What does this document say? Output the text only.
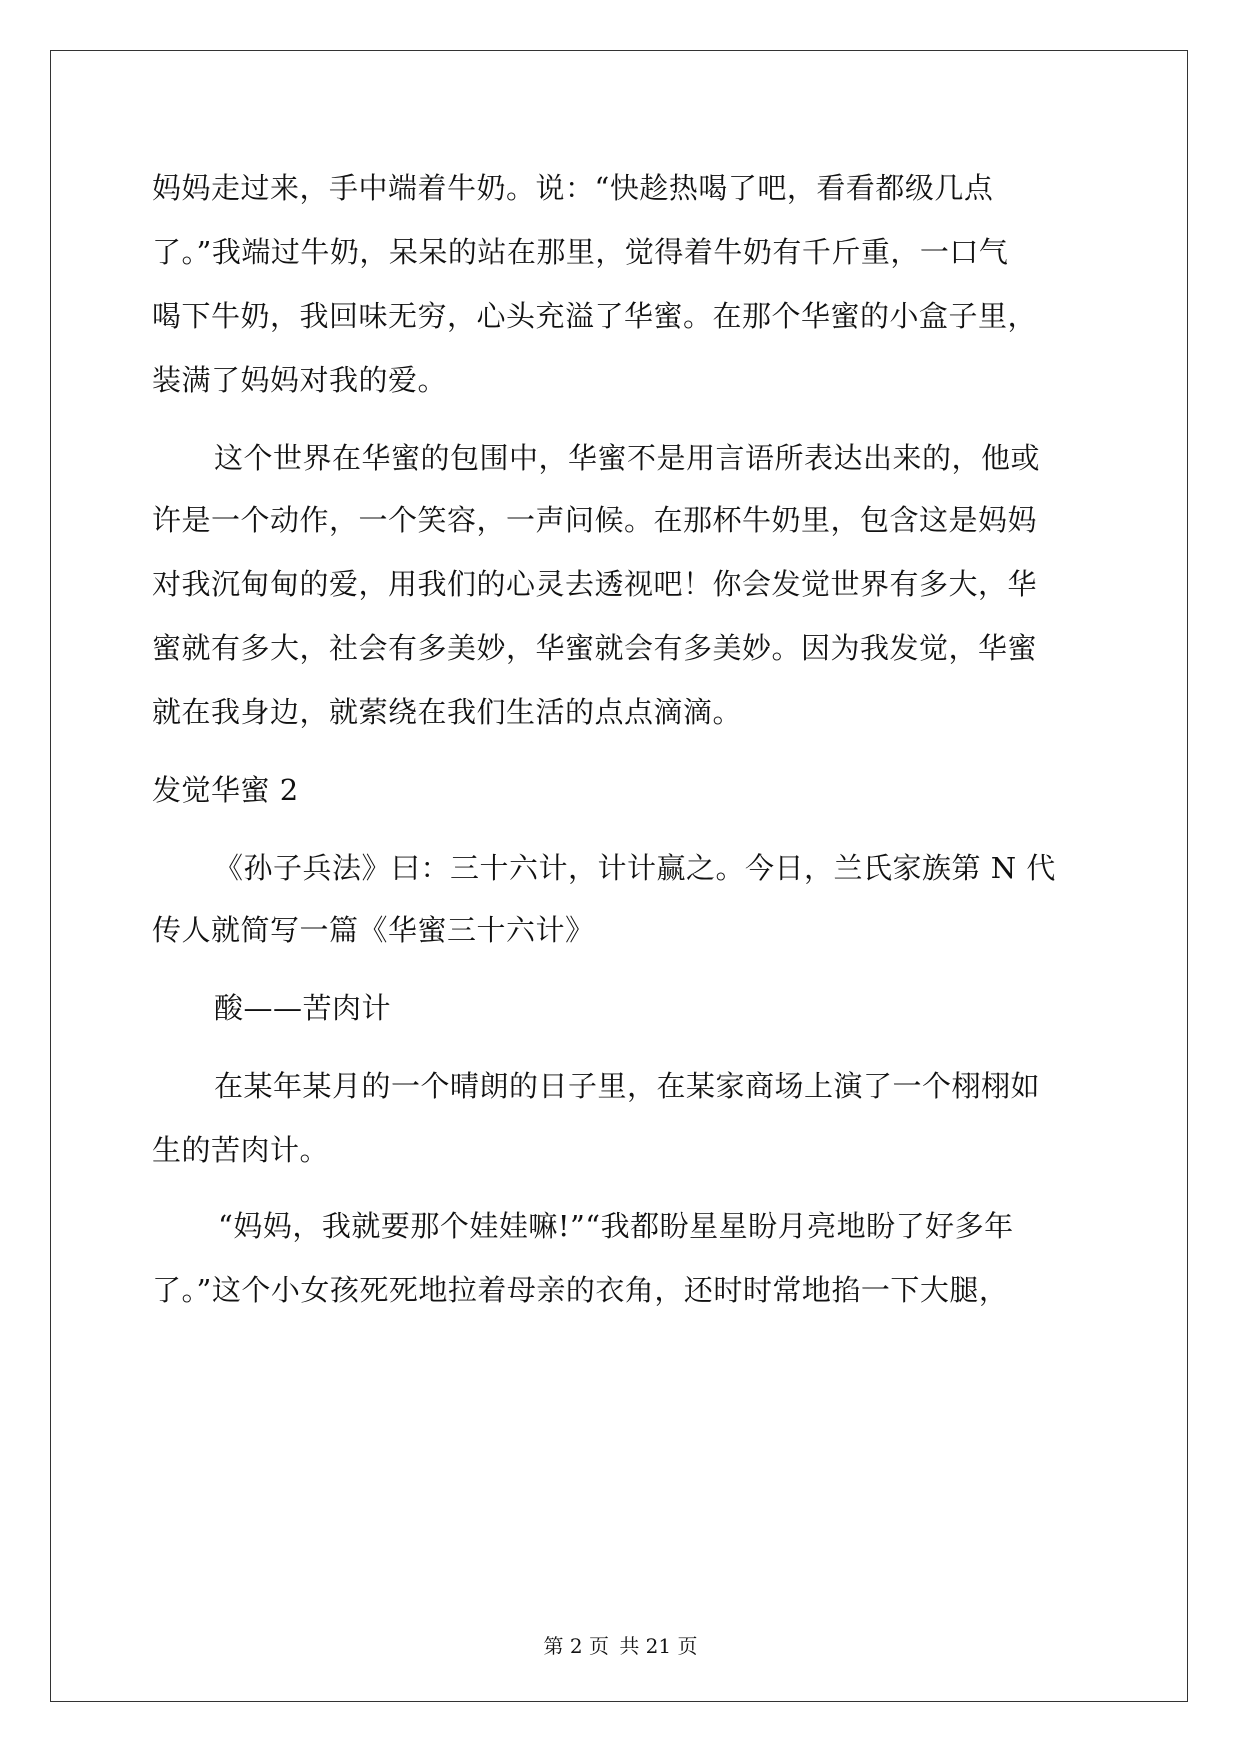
妈妈走过来，手中端着牛奶。说：“快趁热喝了吧，看看都级几点
了。”我端过牛奶，呆呆的站在那里，觉得着牛奶有千斤重，一口气
喝下牛奶，我回味无穷，心头充溢了华蜜。在那个华蜜的小盒子里，
装满了妈妈对我的爱。
这个世界在华蜜的包围中，华蜜不是用言语所表达出来的，他或
许是一个动作，一个笑容，一声问候。在那杯牛奶里，包含这是妈妈
对我沉甸甸的爱，用我们的心灵去透视吧！你会发觉世界有多大，华
蜜就有多大，社会有多美妙，华蜜就会有多美妙。因为我发觉，华蜜
就在我身边，就萦绕在我们生活的点点滴滴。
发觉华蜜 2
《孙子兵法》曰：三十六计，计计赢之。今日，兰氏家族第 N 代
传人就简写一篇《华蜜三十六计》
酸——苦肉计
在某年某月的一个晴朗的日子里，在某家商场上演了一个栩栩如
生的苦肉计。
“妈妈，我就要那个娃娃嘛!”“我都盼星星盼月亮地盼了好多年
了。”这个小女孩死死地拉着母亲的衣角，还时时常地掐一下大腿，
第 2 页 共 21 页
